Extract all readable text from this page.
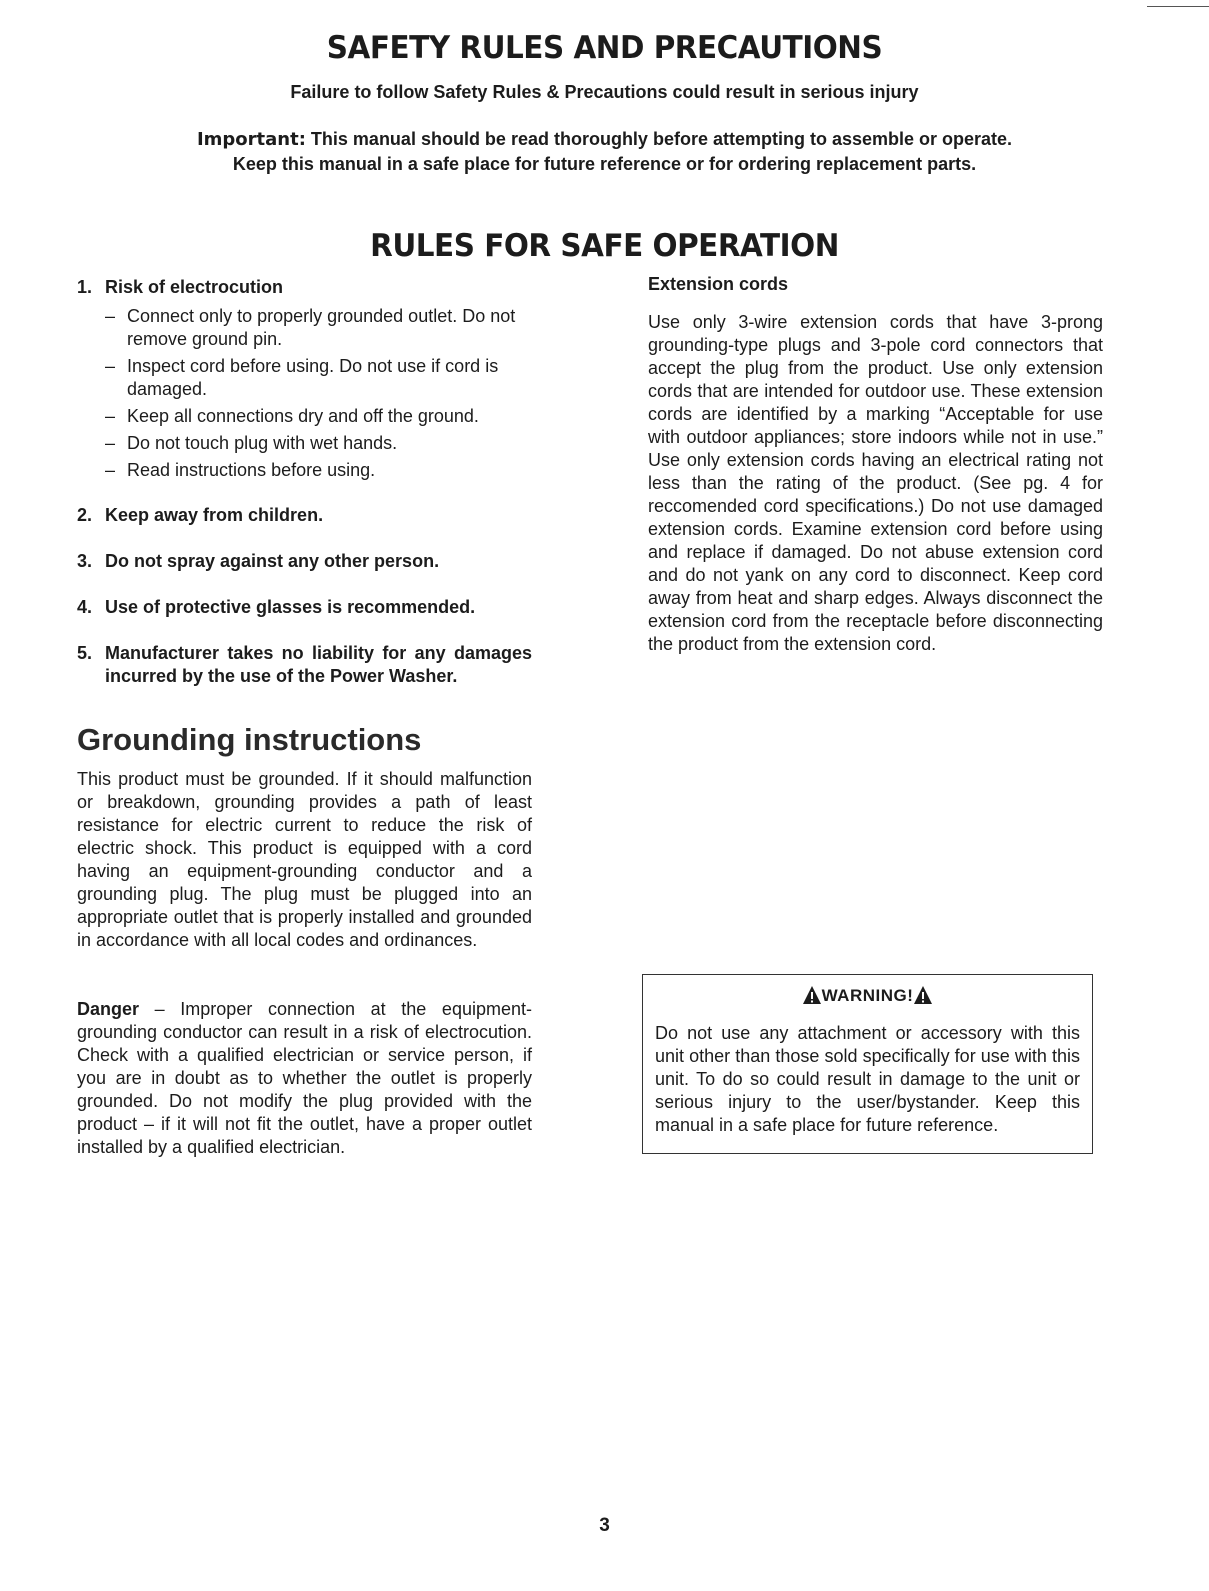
SAFETY RULES AND PRECAUTIONS
Failure to follow Safety Rules & Precautions could result in serious injury
Important: This manual should be read thoroughly before attempting to assemble or operate.
Keep this manual in a safe place for future reference or for ordering replacement parts.
RULES FOR SAFE OPERATION
1. Risk of electrocution
– Connect only to properly grounded outlet. Do not remove ground pin.
– Inspect cord before using. Do not use if cord is damaged.
– Keep all connections dry and off the ground.
– Do not touch plug with wet hands.
– Read instructions before using.
2. Keep away from children.
3. Do not spray against any other person.
4. Use of protective glasses is recommended.
5. Manufacturer takes no liability for any damages incurred by the use of the Power Washer.
Grounding instructions
This product must be grounded. If it should malfunction or breakdown, grounding provides a path of least resistance for electric current to reduce the risk of electric shock. This product is equipped with a cord having an equipment-grounding conductor and a grounding plug. The plug must be plugged into an appropriate outlet that is properly installed and grounded in accordance with all local codes and ordinances.
Danger – Improper connection at the equipment-grounding conductor can result in a risk of electrocution. Check with a qualified electrician or service person, if you are in doubt as to whether the outlet is properly grounded. Do not modify the plug provided with the product – if it will not fit the outlet, have a proper outlet installed by a qualified electrician.
Extension cords
Use only 3-wire extension cords that have 3-prong grounding-type plugs and 3-pole cord connectors that accept the plug from the product. Use only extension cords that are intended for outdoor use. These extension cords are identified by a marking “Acceptable for use with outdoor appliances; store indoors while not in use.” Use only extension cords having an electrical rating not less than the rating of the product. (See pg. 4 for reccomended cord specifications.) Do not use damaged extension cords. Examine extension cord before using and replace if damaged. Do not abuse extension cord and do not yank on any cord to disconnect. Keep cord away from heat and sharp edges. Always disconnect the extension cord from the receptacle before disconnecting the product from the extension cord.
WARNING!
Do not use any attachment or accessory with this unit other than those sold specifically for use with this unit. To do so could result in damage to the unit or serious injury to the user/bystander. Keep this manual in a safe place for future reference.
3
